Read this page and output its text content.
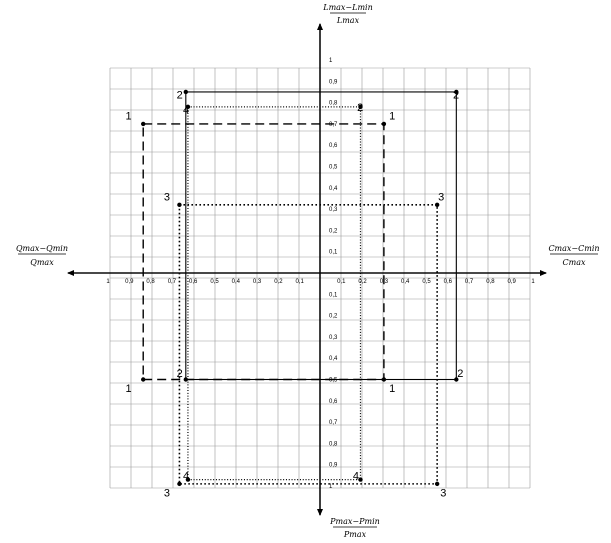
1	0,9 0,8 0,7 0,6 0,5 0,4 0,3 0,2 0,1	0,1 0,2 0,3 0,4 0,5 0,6 0,7 0,8 0,9	1
0,1
0,2
0,3
0,4
0,5
0,6
0,7
0,8
0,9
1
0,1
0,2
0,3
0,4
0,5
0,6
0,7
0,8
0,9
1
1	1
1	1
2
2	2
2
3	3
3	3
4
4
4
2
Lmax−Lmin
Lmax
Pmax−Pmin
Pmax
Qmax−Qmin
Qmax
Cmax−Cmin
Cmax
